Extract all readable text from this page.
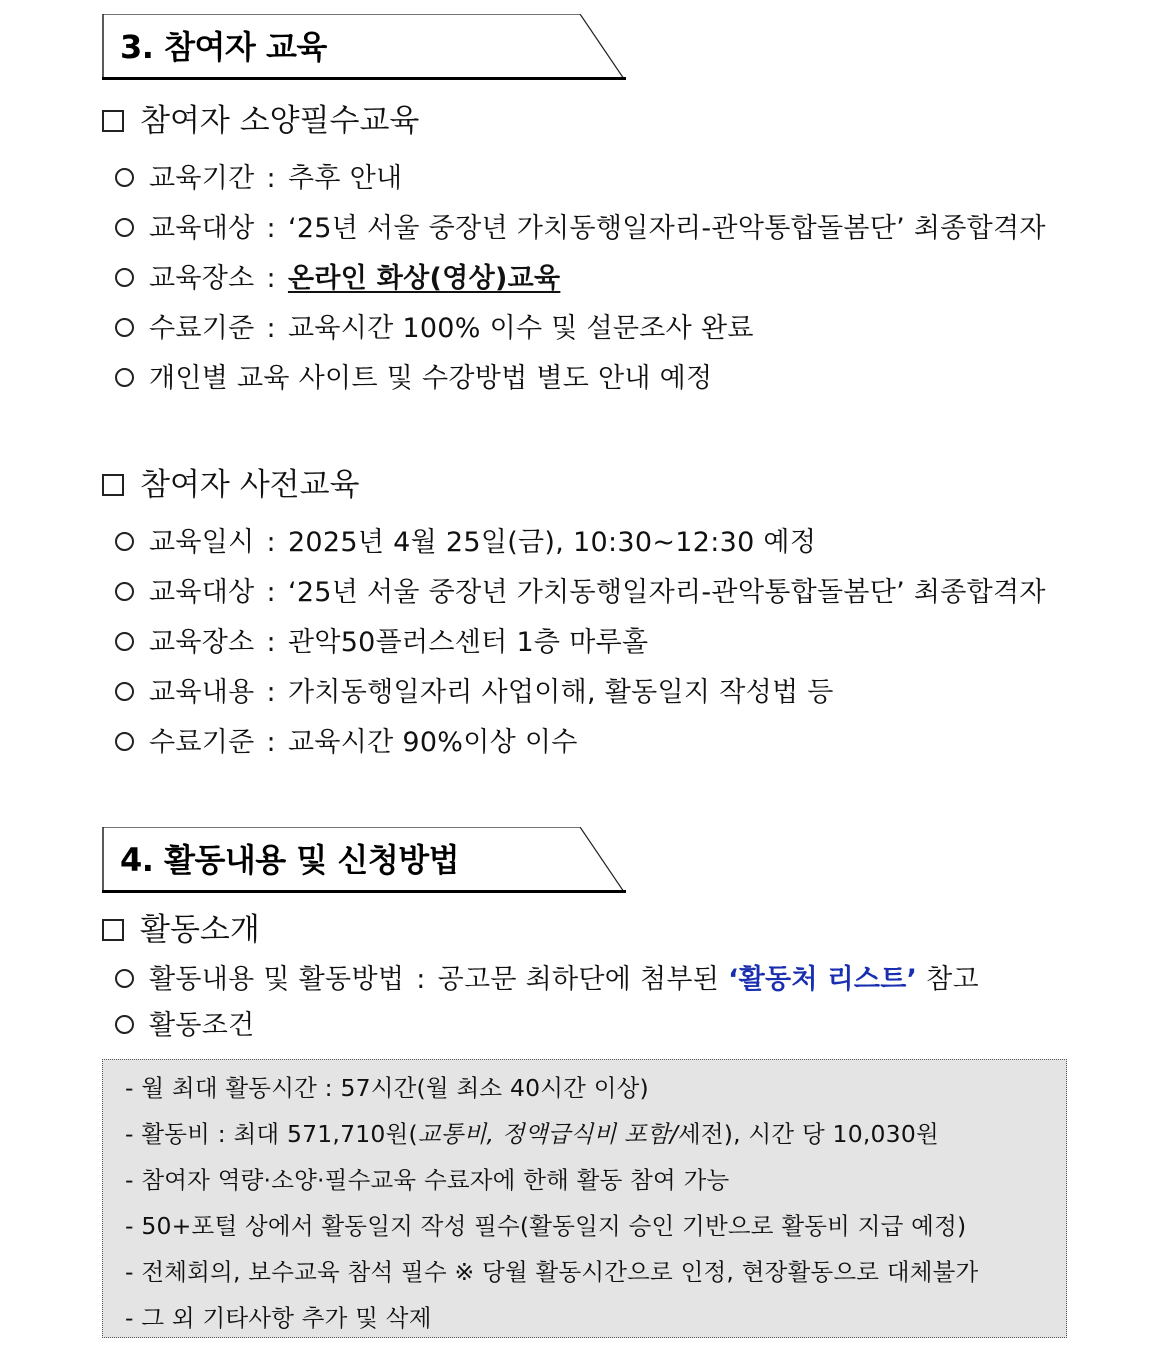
3. 참여자 교육
참여자 소양필수교육
교육기간 : 추후 안내
교육대상 : ‘25년 서울 중장년 가치동행일자리-관악통합돌봄단’ 최종합격자
교육장소 : 온라인 화상(영상)교육
수료기준 : 교육시간 100% 이수 및 설문조사 완료
개인별 교육 사이트 및 수강방법 별도 안내 예정
참여자 사전교육
교육일시 : 2025년 4월 25일(금), 10:30~12:30 예정
교육대상 : ‘25년 서울 중장년 가치동행일자리-관악통합돌봄단’ 최종합격자
교육장소 : 관악50플러스센터 1층 마루홀
교육내용 : 가치동행일자리 사업이해, 활동일지 작성법 등
수료기준 : 교육시간 90%이상 이수
4. 활동내용 및 신청방법
활동소개
활동내용 및 활동방법 : 공고문 최하단에 첨부된 ‘활동처 리스트’ 참고
활동조건
- 월 최대 활동시간 : 57시간(월 최소 40시간 이상)
- 활동비 : 최대 571,710원(교통비, 정액급식비 포함/세전), 시간 당 10,030원
- 참여자 역량·소양·필수교육 수료자에 한해 활동 참여 가능
- 50+포털 상에서 활동일지 작성 필수(활동일지 승인 기반으로 활동비 지급 예정)
- 전체회의, 보수교육 참석 필수 ※ 당월 활동시간으로 인정, 현장활동으로 대체불가
- 그 외 기타사항 추가 및 삭제
